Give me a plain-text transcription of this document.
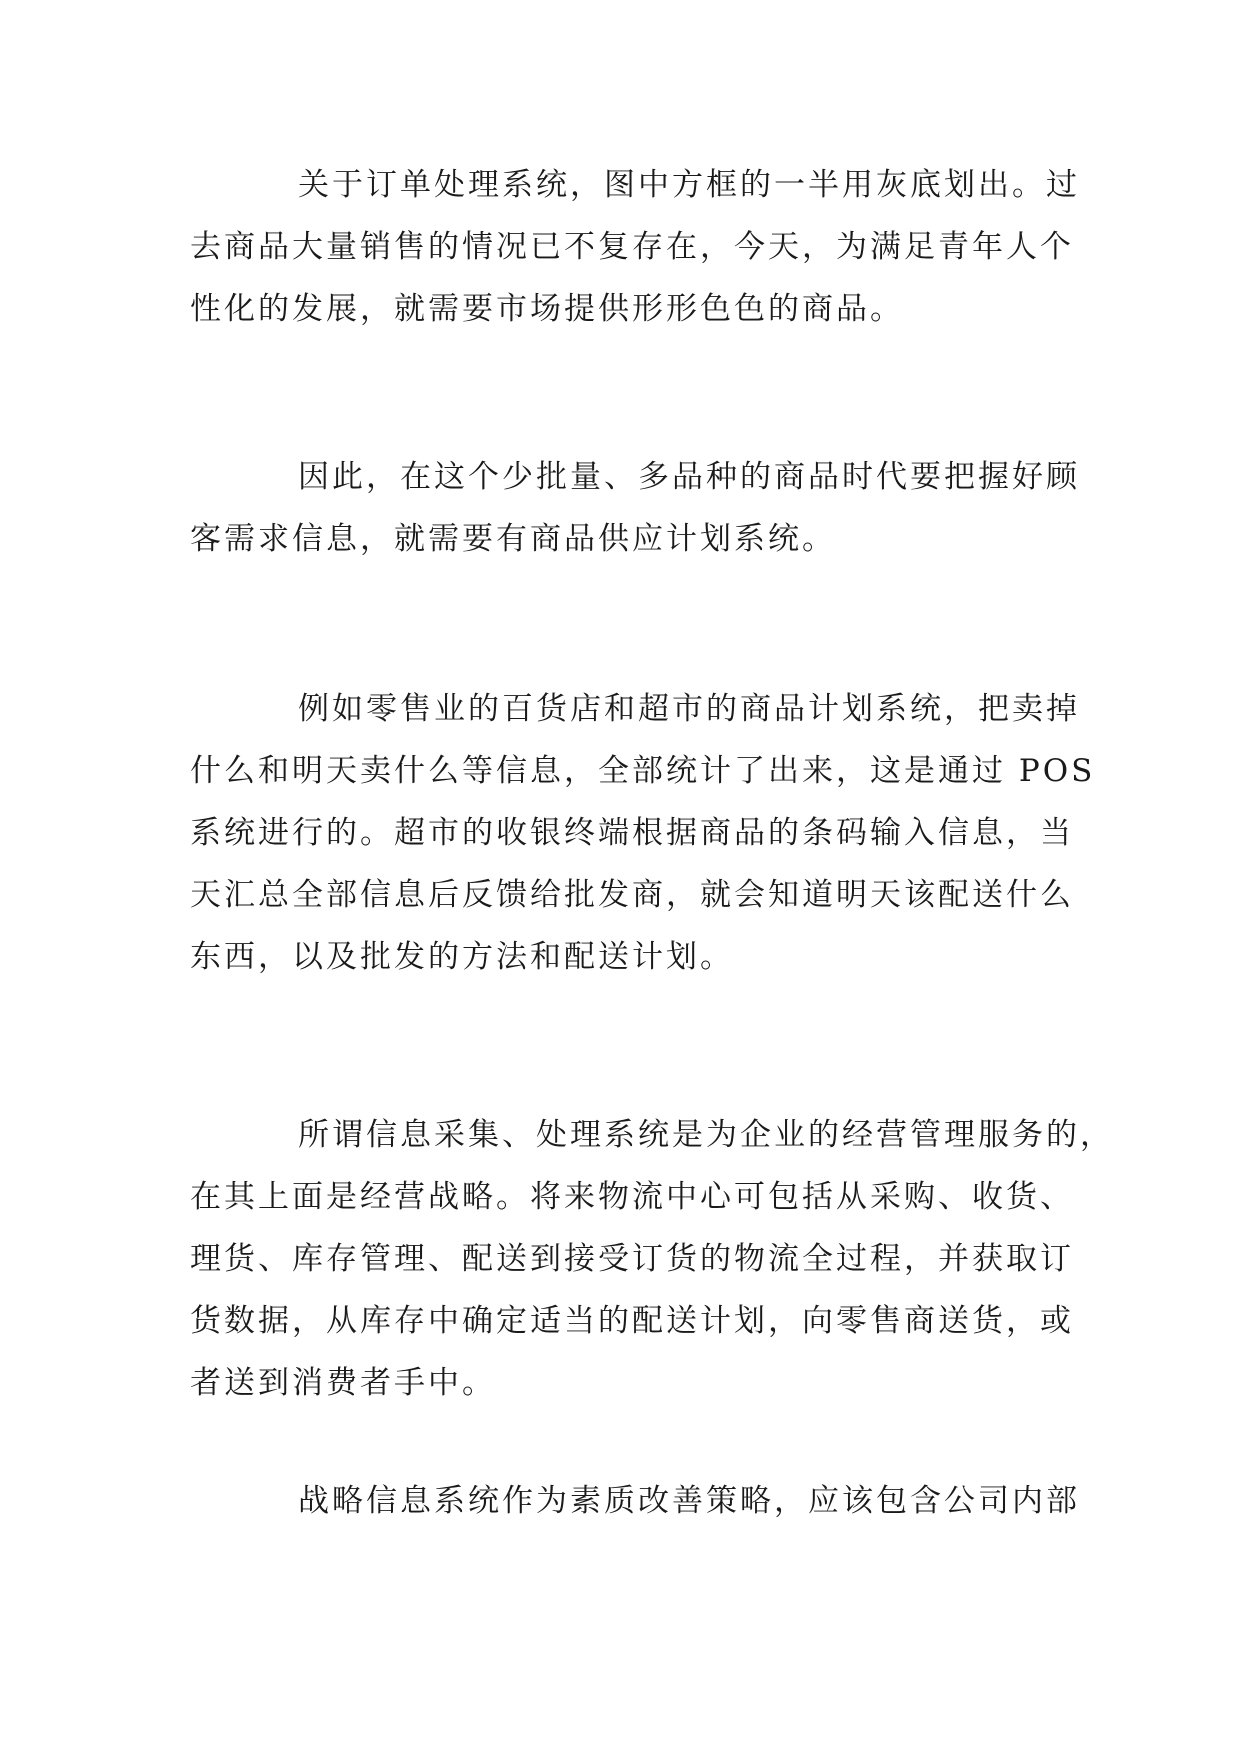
关于订单处理系统，图中方框的一半用灰底划出。过
去商品大量销售的情况已不复存在，今天，为满足青年人个
性化的发展，就需要市场提供形形色色的商品。
因此，在这个少批量、多品种的商品时代要把握好顾
客需求信息，就需要有商品供应计划系统。
例如零售业的百货店和超市的商品计划系统，把卖掉
什么和明天卖什么等信息，全部统计了出来，这是通过 POS
系统进行的。超市的收银终端根据商品的条码输入信息，当
天汇总全部信息后反馈给批发商，就会知道明天该配送什么
东西，以及批发的方法和配送计划。
所谓信息采集、处理系统是为企业的经营管理服务的，
在其上面是经营战略。将来物流中心可包括从采购、收货、
理货、库存管理、配送到接受订货的物流全过程，并获取订
货数据，从库存中确定适当的配送计划，向零售商送货，或
者送到消费者手中。
战略信息系统作为素质改善策略，应该包含公司内部
